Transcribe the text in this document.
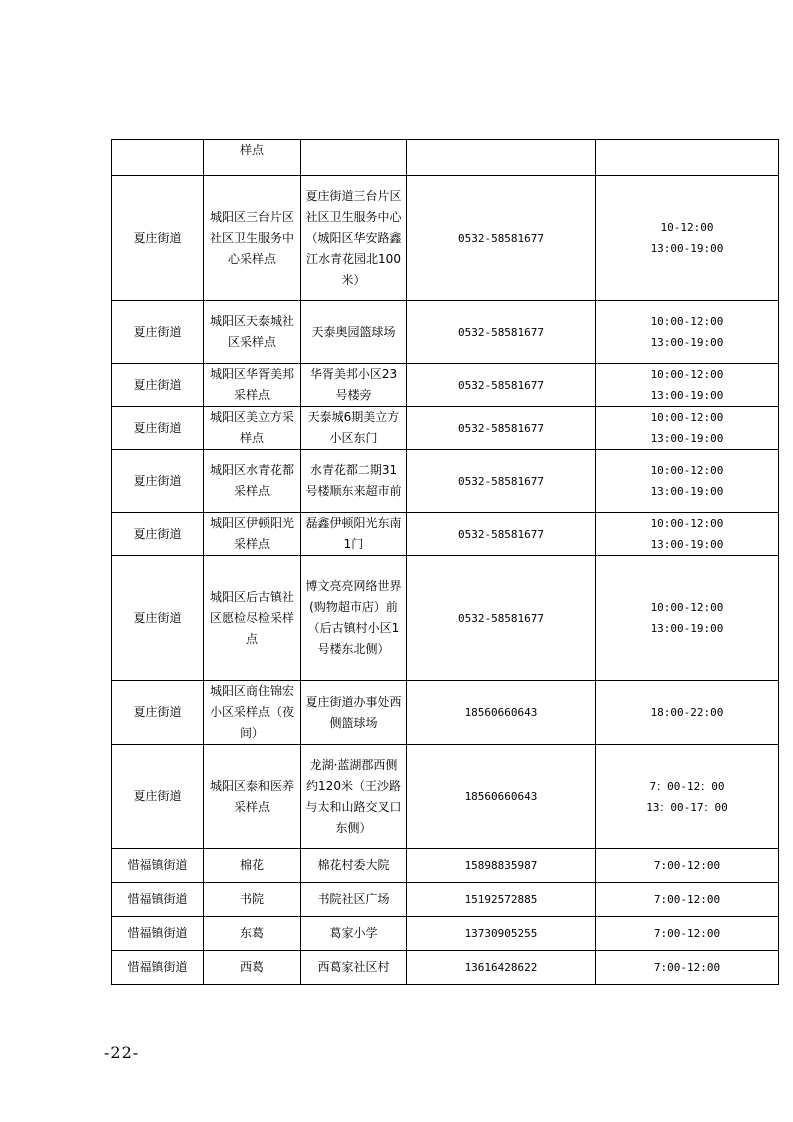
	样点			

夏庄街道	城阳区三台片区社区卫生服务中心采样点	夏庄街道三台片区社区卫生服务中心（城阳区华安路鑫江水青花园北100米）	0532-58581677	10-12:00
13:00-19:00

夏庄街道	城阳区天泰城社区采样点	天泰奥园篮球场	0532-58581677	10:00-12:00
13:00-19:00

夏庄街道	城阳区华胥美邦采样点	华胥美邦小区23号楼旁	0532-58581677	10:00-12:00
13:00-19:00

夏庄街道	城阳区美立方采样点	天泰城6期美立方小区东门	0532-58581677	10:00-12:00
13:00-19:00

夏庄街道	城阳区水青花都采样点	水青花都二期31号楼顺东来超市前	0532-58581677	10:00-12:00
13:00-19:00

夏庄街道	城阳区伊顿阳光采样点	磊鑫伊顿阳光东南1门	0532-58581677	10:00-12:00
13:00-19:00

夏庄街道	城阳区后古镇社区愿检尽检采样点	博文亮亮网络世界(购物超市店）前（后古镇村小区1号楼东北侧）	0532-58581677	10:00-12:00
13:00-19:00

夏庄街道	城阳区商住锦宏小区采样点（夜间）	夏庄街道办事处西侧篮球场	18560660643	18:00-22:00

夏庄街道	城阳区泰和医养采样点	龙湖·蓝湖郡西侧约120米（王沙路与太和山路交叉口东侧）	18560660643	7：00-12：00
13：00-17：00

惜福镇街道	棉花	棉花村委大院	15898835987	7:00-12:00

惜福镇街道	书院	书院社区广场	15192572885	7:00-12:00

惜福镇街道	东葛	葛家小学	13730905255	7:00-12:00

惜福镇街道	西葛	西葛家社区村	13616428622	7:00-12:00
-22-
